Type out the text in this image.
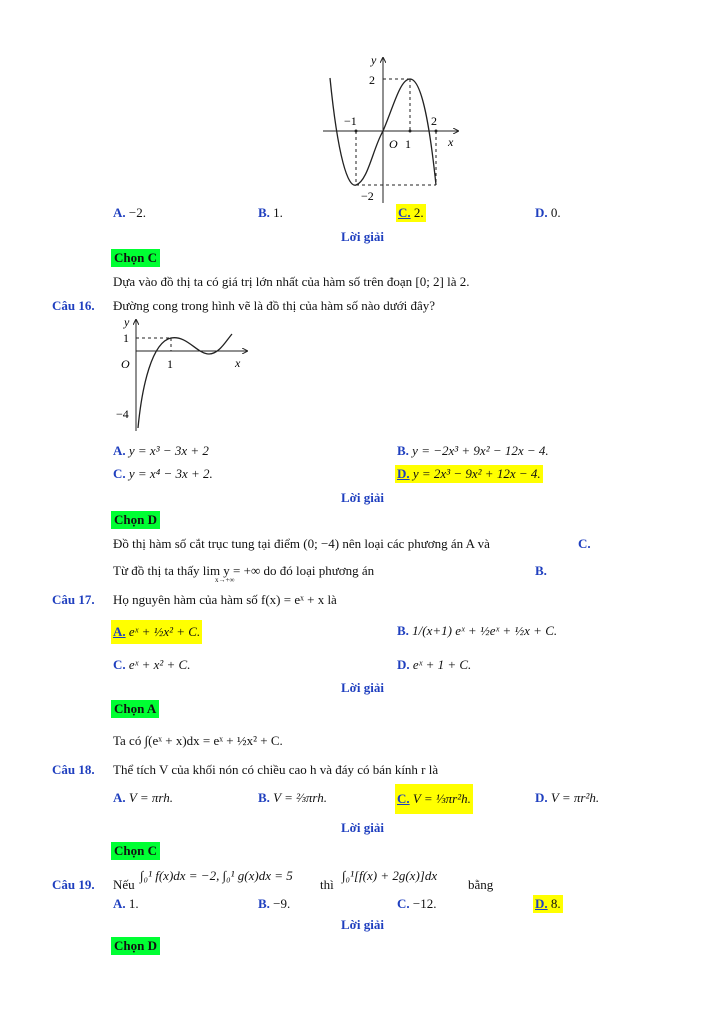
y
x
2
−2
−1	2
O 1
A. −2.	B. 1.	C. 2.	D. 0.
Lời giải
Chọn C
Dựa vào đồ thị ta có giá trị lớn nhất của hàm số trên đoạn [0; 2] là 2.
Câu 16. Đường cong trong hình vẽ là đồ thị của hàm số nào dưới đây?
y
1
O	1	x
−4
A. y = x³ − 3x + 2	B. y = −2x³ + 9x² − 12x − 4.
C. y = x⁴ − 3x + 2.	D. y = 2x³ − 9x² + 12x − 4.
Lời giải
Chọn D
Đồ thị hàm số cắt trục tung tại điểm (0; −4) nên loại các phương án A và	C.
Từ đồ thị ta thấy lim y = +∞ do đó loại phương án
x→+∞
B.
Câu 17. Họ nguyên hàm của hàm số f(x) = eˣ + x là
A. eˣ + ½x² + C.	B. 1/(x+1) eˣ + ½eˣ + ½x + C.
C. eˣ + x² + C.	D. eˣ + 1 + C.
Lời giải
Chọn A
Ta có ∫(eˣ + x)dx = eˣ + ½x² + C.
Câu 18. Thể tích V của khối nón có chiều cao h và đáy có bán kính r là
A. V = πrh.	B. V = ⅔πrh.	C. V = ⅓πr²h.	D. V = πr²h.
Lời giải
Chọn C
Câu 19. Nếu
∫₀¹ f(x)dx = −2, ∫₀¹ g(x)dx = 5
thì
∫₀¹[f(x) + 2g(x)]dx
bằng
A. 1.	B. −9.	C. −12.	D. 8.
Lời giải
Chọn D
